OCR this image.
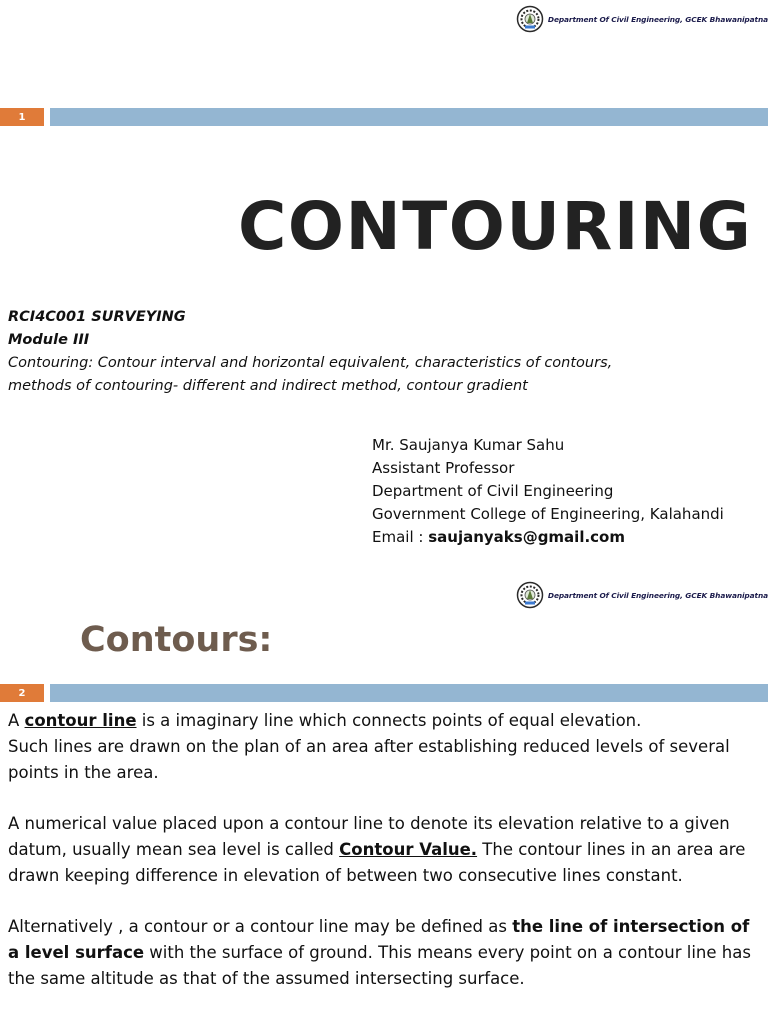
Department Of Civil Engineering, GCEK Bhawanipatna
1
CONTOURING
RCI4C001 SURVEYING
Module III
Contouring: Contour interval and horizontal equivalent, characteristics of contours,
methods of contouring- different and indirect method, contour gradient
Mr. Saujanya Kumar Sahu
Assistant Professor
Department of Civil Engineering
Government College of Engineering, Kalahandi
Email : saujanyaks@gmail.com
Department Of Civil Engineering, GCEK Bhawanipatna
Contours:
2

A contour line is a imaginary line which connects points of equal elevation.
Such lines are drawn on the plan of an area after establishing reduced levels of several points in the area.

A numerical value placed upon a contour line to denote its elevation relative to a given datum, usually mean sea level is called Contour Value. The contour lines in an area are drawn keeping difference in elevation of between two consecutive lines constant.

Alternatively , a contour or a contour line may be defined as the line of intersection of a level surface with the surface of ground. This means every point on a contour line has the same altitude as that of the assumed intersecting surface.
